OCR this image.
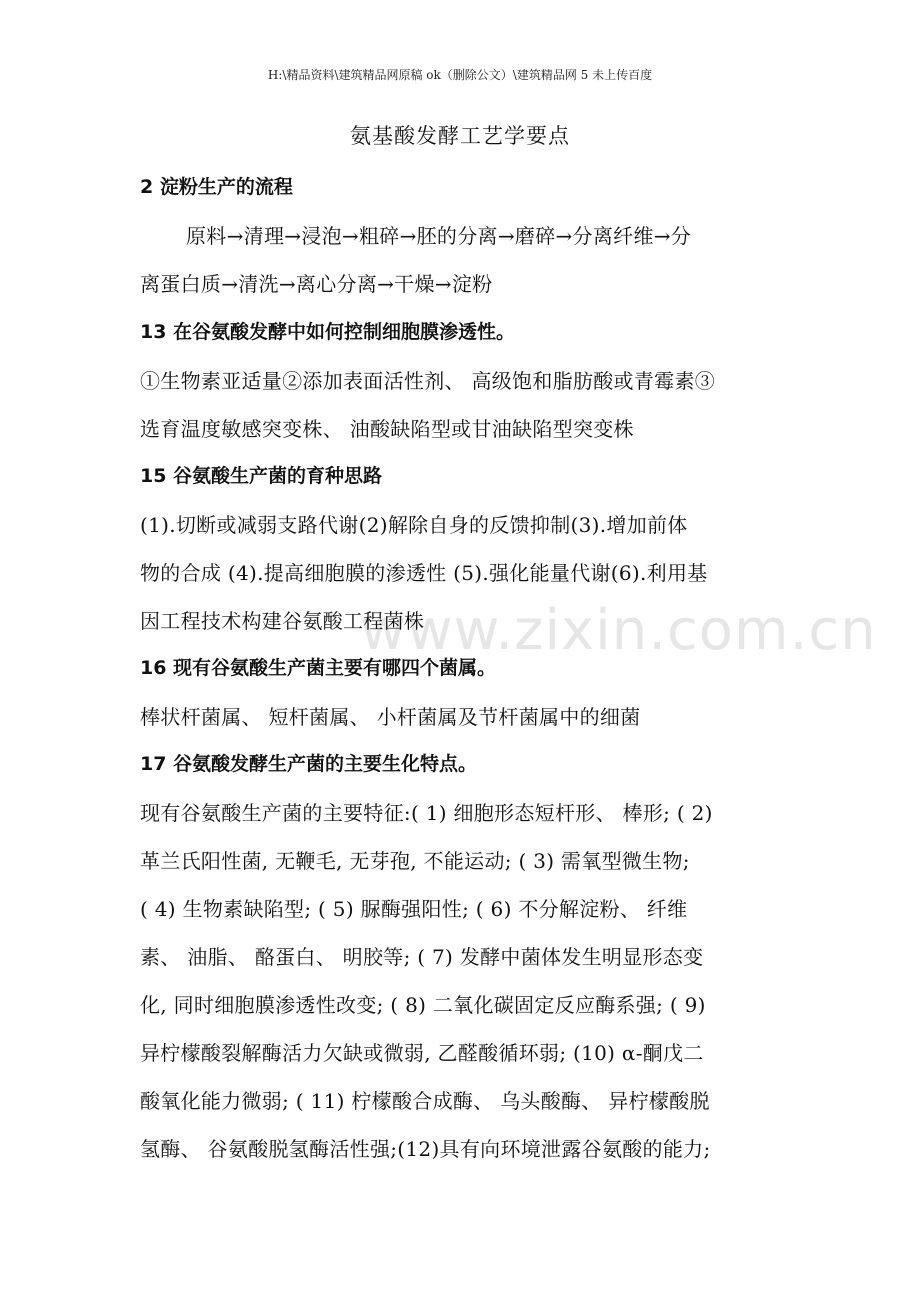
H:\精品资料\建筑精品网原稿 ok（删除公文）\建筑精品网 5 未上传百度
氨基酸发酵工艺学要点
www.zixin.com.cn
2 淀粉生产的流程
原料→清理→浸泡→粗碎→胚的分离→磨碎→分离纤维→分
离蛋白质→清洗→离心分离→干燥→淀粉
13 在谷氨酸发酵中如何控制细胞膜渗透性。
①生物素亚适量②添加表面活性剂、 高级饱和脂肪酸或青霉素③
选育温度敏感突变株、 油酸缺陷型或甘油缺陷型突变株
15 谷氨酸生产菌的育种思路
(1).切断或减弱支路代谢(2)解除自身的反馈抑制(3).增加前体
物的合成 (4).提高细胞膜的渗透性 (5).强化能量代谢(6).利用基
因工程技术构建谷氨酸工程菌株
16 现有谷氨酸生产菌主要有哪四个菌属。
棒状杆菌属、 短杆菌属、 小杆菌属及节杆菌属中的细菌
17 谷氨酸发酵生产菌的主要生化特点。
现有谷氨酸生产菌的主要特征:( 1) 细胞形态短杆形、 棒形; ( 2)
革兰氏阳性菌, 无鞭毛, 无芽孢, 不能运动; ( 3) 需氧型微生物;
( 4) 生物素缺陷型; ( 5) 脲酶强阳性; ( 6) 不分解淀粉、 纤维
素、 油脂、 酪蛋白、 明胶等; ( 7) 发酵中菌体发生明显形态变
化, 同时细胞膜渗透性改变; ( 8) 二氧化碳固定反应酶系强; ( 9)
异柠檬酸裂解酶活力欠缺或微弱, 乙醛酸循环弱; (10) α-酮戊二
酸氧化能力微弱; ( 11) 柠檬酸合成酶、 乌头酸酶、 异柠檬酸脱
氢酶、 谷氨酸脱氢酶活性强;(12)具有向环境泄露谷氨酸的能力;
